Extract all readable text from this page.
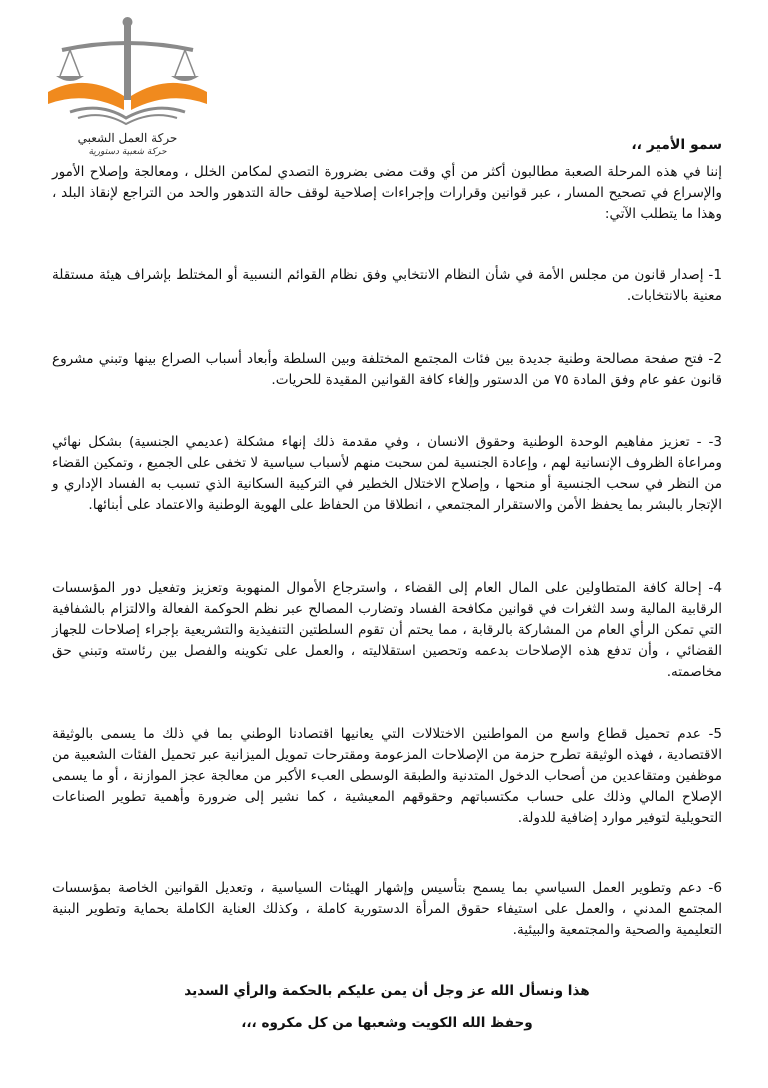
حركة العمل الشعبي
حركة شعبية دستورية	سمو الأمير ،،

إننا في هذه المرحلة الصعبة مطالبون أكثر من أي وقت مضى بضرورة التصدي لمكامن الخلل ، ومعالجة وإصلاح الأمور والإسراع في تصحيح المسار ، عبر قوانين وقرارات وإجراءات إصلاحية لوقف حالة التدهور والحد من التراجع لإنقاذ البلد ، وهذا ما يتطلب الآتي:

1- إصدار قانون من مجلس الأمة في شأن النظام الانتخابي وفق نظام القوائم النسبية أو المختلط بإشراف هيئة مستقلة معنية بالانتخابات.

2- فتح صفحة مصالحة وطنية جديدة بين فئات المجتمع المختلفة وبين السلطة وأبعاد أسباب الصراع بينها وتبني مشروع قانون عفو عام وفق المادة ٧٥ من الدستور وإلغاء كافة القوانين المقيدة للحريات.

3- - تعزيز مفاهيم الوحدة الوطنية وحقوق الانسان ، وفي مقدمة ذلك إنهاء مشكلة (عديمي الجنسية) بشكل نهائي ومراعاة الظروف الإنسانية لهم ، وإعادة الجنسية لمن سحبت منهم لأسباب سياسية لا تخفى على الجميع ، وتمكين القضاء من النظر في سحب الجنسية أو منحها ، وإصلاح الاختلال الخطير في التركيبة السكانية الذي تسبب به الفساد الإداري و الإتجار بالبشر بما يحفظ الأمن والاستقرار المجتمعي ، انطلاقا من الحفاظ على الهوية الوطنية والاعتماد على أبنائها.

4- إحالة كافة المتطاولين على المال العام إلى القضاء ، واسترجاع الأموال المنهوبة وتعزيز وتفعيل دور المؤسسات الرقابية المالية وسد الثغرات في قوانين مكافحة الفساد وتضارب المصالح عبر نظم الحوكمة الفعالة والالتزام بالشفافية التي تمكن الرأي العام من المشاركة بالرقابة ، مما يحتم أن تقوم السلطتين التنفيذية والتشريعية بإجراء إصلاحات للجهاز القضائي ، وأن تدفع هذه الإصلاحات بدعمه وتحصين استقلاليته ، والعمل على تكوينه والفصل بين رئاسته وتبني حق مخاصمته.

5- عدم تحميل قطاع واسع من المواطنين الاختلالات التي يعانيها اقتصادنا الوطني بما في ذلك ما يسمى بالوثيقة الاقتصادية ، فهذه الوثيقة تطرح حزمة من الإصلاحات المزعومة ومقترحات تمويل الميزانية عبر تحميل الفئات الشعبية من موظفين ومتقاعدين من أصحاب الدخول المتدنية والطبقة الوسطى العبء الأكبر من معالجة عجز الموازنة ، أو ما يسمى الإصلاح المالي وذلك على حساب مكتسباتهم وحقوقهم المعيشية ، كما نشير إلى ضرورة وأهمية تطوير الصناعات التحويلية لتوفير موارد إضافية للدولة.

6- دعم وتطوير العمل السياسي بما يسمح بتأسيس وإشهار الهيئات السياسية ، وتعديل القوانين الخاصة بمؤسسات المجتمع المدني ، والعمل على استيفاء حقوق المرأة الدستورية كاملة ، وكذلك العناية الكاملة بحماية وتطوير البنية التعليمية والصحية والمجتمعية والبيئية.

هذا ونسأل الله عز وجل أن يمن عليكم بالحكمة والرأي السديد
وحفظ الله الكويت وشعبها من كل مكروه ،،،
